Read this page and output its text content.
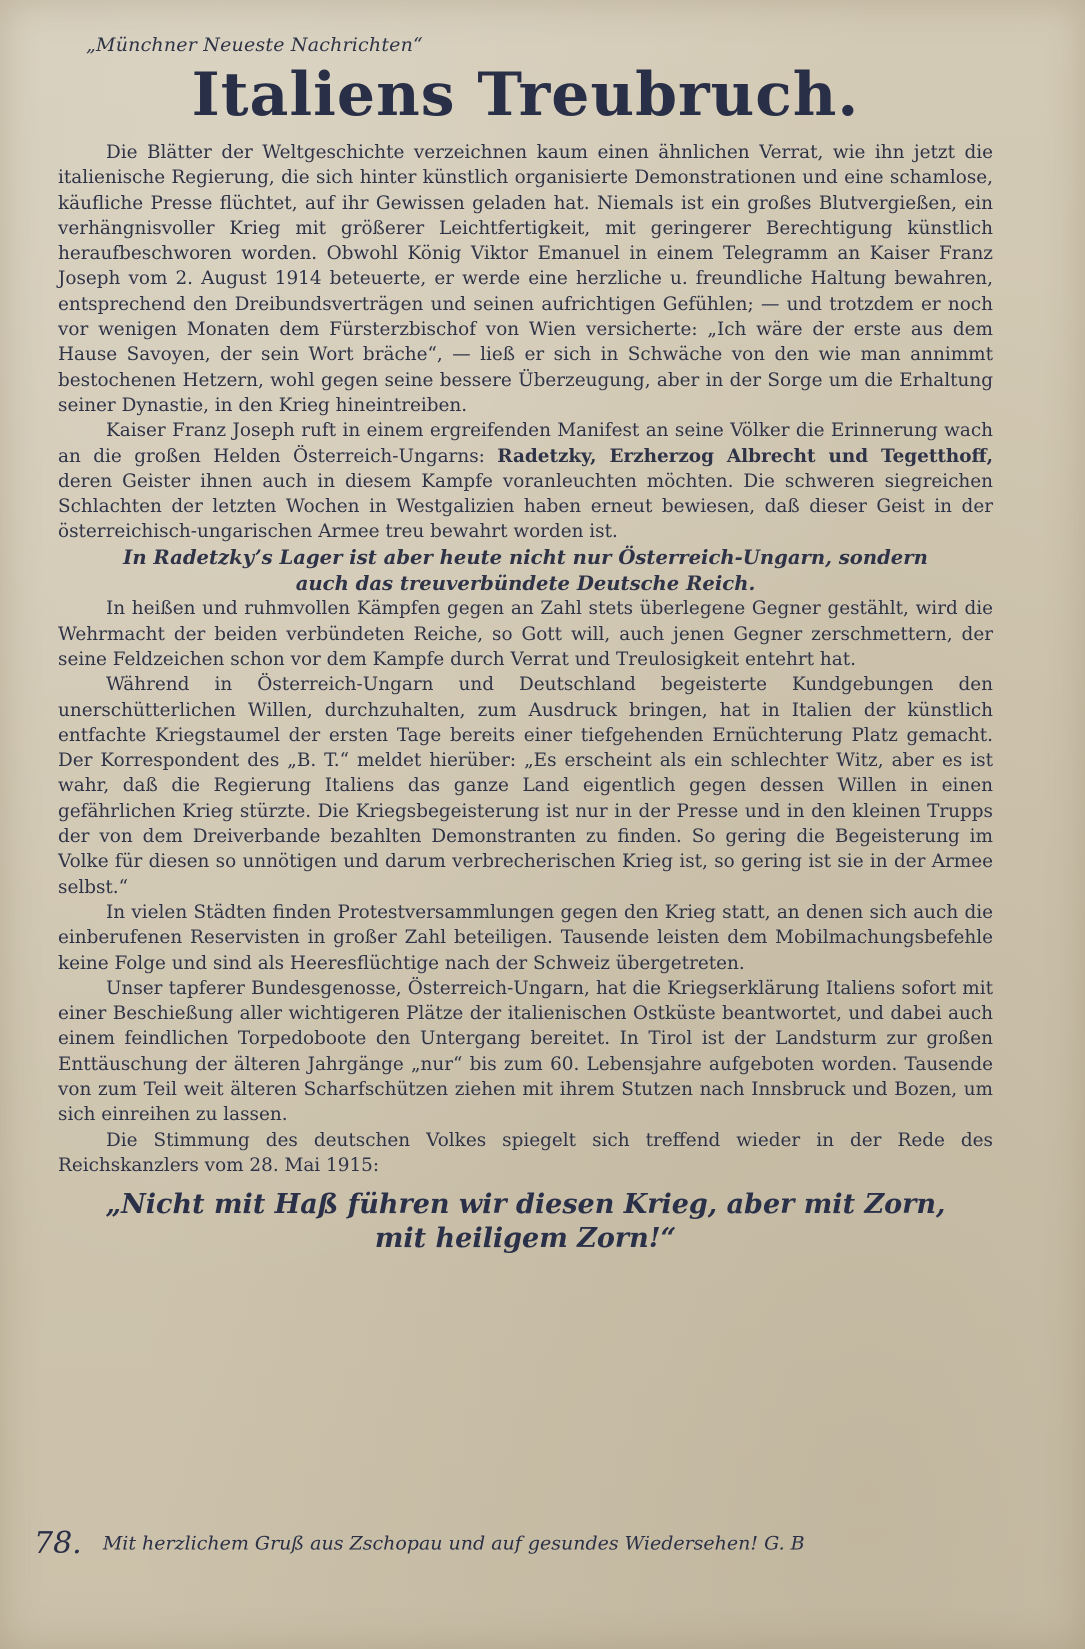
„Münchner Neueste Nachrichten“
Italiens Treubruch.

Die Blätter der Weltgeschichte verzeichnen kaum einen ähnlichen Verrat, wie ihn jetzt die italienische Regierung, die sich hinter künstlich organisierte Demonstrationen und eine schamlose, käufliche Presse flüchtet, auf ihr Gewissen geladen hat. Niemals ist ein großes Blutvergießen, ein verhängnisvoller Krieg mit größerer Leichtfertigkeit, mit geringerer Berechtigung künstlich heraufbeschworen worden. Obwohl König Viktor Emanuel in einem Telegramm an Kaiser Franz Joseph vom 2. August 1914 beteuerte, er werde eine herzliche u. freundliche Haltung bewahren, entsprechend den Dreibundsverträgen und seinen aufrichtigen Gefühlen; — und trotzdem er noch vor wenigen Monaten dem Fürsterzbischof von Wien versicherte: „Ich wäre der erste aus dem Hause Savoyen, der sein Wort bräche“, — ließ er sich in Schwäche von den wie man annimmt bestochenen Hetzern, wohl gegen seine bessere Überzeugung, aber in der Sorge um die Erhaltung seiner Dynastie, in den Krieg hineintreiben.

Kaiser Franz Joseph ruft in einem ergreifenden Manifest an seine Völker die Erinnerung wach an die großen Helden Österreich-Ungarns: Radetzky, Erzherzog Albrecht und Tegetthoff, deren Geister ihnen auch in diesem Kampfe voranleuchten möchten. Die schweren siegreichen Schlachten der letzten Wochen in Westgalizien haben erneut bewiesen, daß dieser Geist in der österreichisch-ungarischen Armee treu bewahrt worden ist.

In Radetzky’s Lager ist aber heute nicht nur Österreich-Ungarn, sondern auch das treuverbündete Deutsche Reich.

In heißen und ruhmvollen Kämpfen gegen an Zahl stets überlegene Gegner gestählt, wird die Wehrmacht der beiden verbündeten Reiche, so Gott will, auch jenen Gegner zerschmettern, der seine Feldzeichen schon vor dem Kampfe durch Verrat und Treulosigkeit entehrt hat.

Während in Österreich-Ungarn und Deutschland begeisterte Kundgebungen den unerschütterlichen Willen, durchzuhalten, zum Ausdruck bringen, hat in Italien der künstlich entfachte Kriegstaumel der ersten Tage bereits einer tiefgehenden Ernüchterung Platz gemacht. Der Korrespondent des „B. T.“ meldet hierüber: „Es erscheint als ein schlechter Witz, aber es ist wahr, daß die Regierung Italiens das ganze Land eigentlich gegen dessen Willen in einen gefährlichen Krieg stürzte. Die Kriegsbegeisterung ist nur in der Presse und in den kleinen Trupps der von dem Dreiverbande bezahlten Demonstranten zu finden. So gering die Begeisterung im Volke für diesen so unnötigen und darum verbrecherischen Krieg ist, so gering ist sie in der Armee selbst.“

In vielen Städten finden Protestversammlungen gegen den Krieg statt, an denen sich auch die einberufenen Reservisten in großer Zahl beteiligen. Tausende leisten dem Mobilmachungsbefehle keine Folge und sind als Heeresflüchtige nach der Schweiz übergetreten.

Unser tapferer Bundesgenosse, Österreich-Ungarn, hat die Kriegserklärung Italiens sofort mit einer Beschießung aller wichtigeren Plätze der italienischen Ostküste beantwortet, und dabei auch einem feindlichen Torpedoboote den Untergang bereitet. In Tirol ist der Landsturm zur großen Enttäuschung der älteren Jahrgänge „nur“ bis zum 60. Lebensjahre aufgeboten worden. Tausende von zum Teil weit älteren Scharfschützen ziehen mit ihrem Stutzen nach Innsbruck und Bozen, um sich einreihen zu lassen.

Die Stimmung des deutschen Volkes spiegelt sich treffend wieder in der Rede des Reichskanzlers vom 28. Mai 1915:

„Nicht mit Haß führen wir diesen Krieg, aber mit Zorn,
mit heiligem Zorn!“
78. Mit herzlichem Gruß aus Zschopau und auf gesundes Wiedersehen! G. B
